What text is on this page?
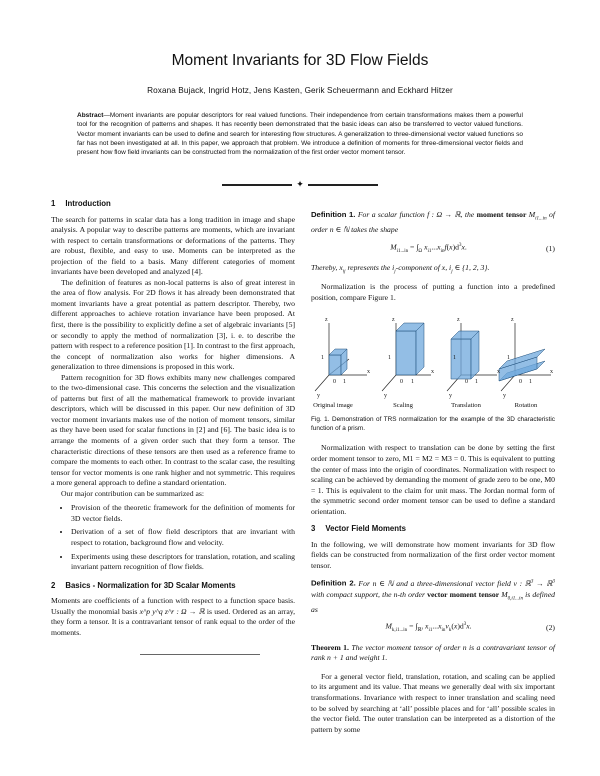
Moment Invariants for 3D Flow Fields
Roxana Bujack, Ingrid Hotz, Jens Kasten, Gerik Scheuermann and Eckhard Hitzer
Abstract—Moment invariants are popular descriptors for real valued functions. Their independence from certain transformations makes them a powerful tool for the recognition of patterns and shapes. It has recently been demonstrated that the basic ideas can also be transferred to vector valued functions. Vector moment invariants can be used to define and search for interesting flow structures. A generalization to three-dimensional vector valued functions so far has not been investigated at all. In this paper, we approach that problem. We introduce a definition of moments for three-dimensional vector fields and present how flow field invariants can be constructed from the normalization of the first order vector moment tensor.
✦
1 Introduction

The search for patterns in scalar data has a long tradition in image and shape analysis. A popular way to describe patterns are moments, which are invariant with respect to certain transformations or deformations of the patterns. They are robust, flexible, and easy to use. Moments can be interpreted as the projection of the field to a basis. Many different categories of moment invariants have been developed and analyzed [4].

The definition of features as non-local patterns is also of great interest in the area of flow analysis. For 2D flows it has already been demonstrated that moment invariants have a great potential as pattern descriptor. Thereby, two different approaches to achieve rotation invariance have been proposed. At first, there is the possibility to explicitly define a set of algebraic invariants [5] or secondly to apply the method of normalization [3], i. e. to describe the pattern with respect to a reference position [1]. In contrast to the first approach, the concept of normalization also works for higher dimensions. A generalization to three dimensions is proposed in this work.

Pattern recognition for 3D flows exhibits many new challenges compared to the two-dimensional case. This concerns the selection and the visualization of patterns but first of all the mathematical framework to provide invariant descriptors, which will be discussed in this paper. Our new definition of 3D vector moment invariants makes use of the notion of moment tensors, similar as they have been used for scalar functions in [2] and [6]. The basic idea is to arrange the moments of a given order such that they form a tensor. The characteristic directions of these tensors are then used as a reference frame to compare the moments to each other. In contrast to the scalar case, the resulting tensor for vector moments is one rank higher and not symmetric. This requires a more general approach to define a standard orientation.

Our major contribution can be summarized as:

• Provision of the theoretic framework for the definition of moments for 3D vector fields.
• Derivation of a set of flow field descriptors that are invariant with respect to rotation, background flow and velocity.
• Experiments using these descriptors for translation, rotation, and scaling invariant pattern recognition of flow fields.
2 Basics - Normalization for 3D Scalar Moments

Moments are coefficients of a function with respect to a function space basis. Usually the monomial basis x^p y^q z^r : Ω → ℝ is used. Ordered as an array, they form a tensor. It is a contravariant tensor of rank equal to the order of the moments.

Definition 1. For a scalar function f : Ω → ℝ, the moment tensor $M_{i1...in}$ of order n ∈ ℕ takes the shape

$M_{i1...in} = \int_\Omega$ $x_{i1}...x_{in}f(x)d^3x$.	(1)

Thereby, $x_{ij}$ represents the $i_j$-component of x, $i_j$ ∈ {1, 2, 3}.

Normalization is the process of putting a function into a predefined position, compare Figure 1.

z
x
y
z
x
y
z
x
y
z
x
y
1
0 1
1
0 1
1
0 1
1
0 1
Original image	Scaling	Translation	Rotation

Fig. 1. Demonstration of TRS normalization for the example of the 3D characteristic function of a prism.

Normalization with respect to translation can be done by setting the first order moment tensor to zero, M1 = M2 = M3 = 0. This is equivalent to putting the center of mass into the origin of coordinates. Normalization with respect to scaling can be achieved by demanding the moment of grade zero to be one, M0 = 1. This is equivalent to the claim for unit mass. The Jordan normal form of the symmetric second order moment tensor can be used to define a standard orientation.

3 Vector Field Moments

In the following, we will demonstrate how moment invariants for 3D flow fields can be constructed from normalization of the first order vector moment tensor.

Definition 2. For n ∈ ℕ and a three-dimensional vector field v : ℝ$^3$ → ℝ$^3$ with compact support, the n-th order vector moment tensor $M_{0,i1...in}$ is defined as

$M_{k,i1...in} = \int_{ℝ^3}$ $x_{i1}...x_{in}v_k(x)d^3x$.	(2)

Theorem 1. The vector moment tensor of order n is a contravariant tensor of rank n + 1 and weight 1.

For a general vector field, translation, rotation, and scaling can be applied to its argument and its value. That means we generally deal with six important transformations. Invariance with respect to inner translation and scaling need to be solved by searching at ‘all’ possible places and for ‘all’ possible scales in the vector field. The outer translation can be interpreted as a distortion of the pattern by some
